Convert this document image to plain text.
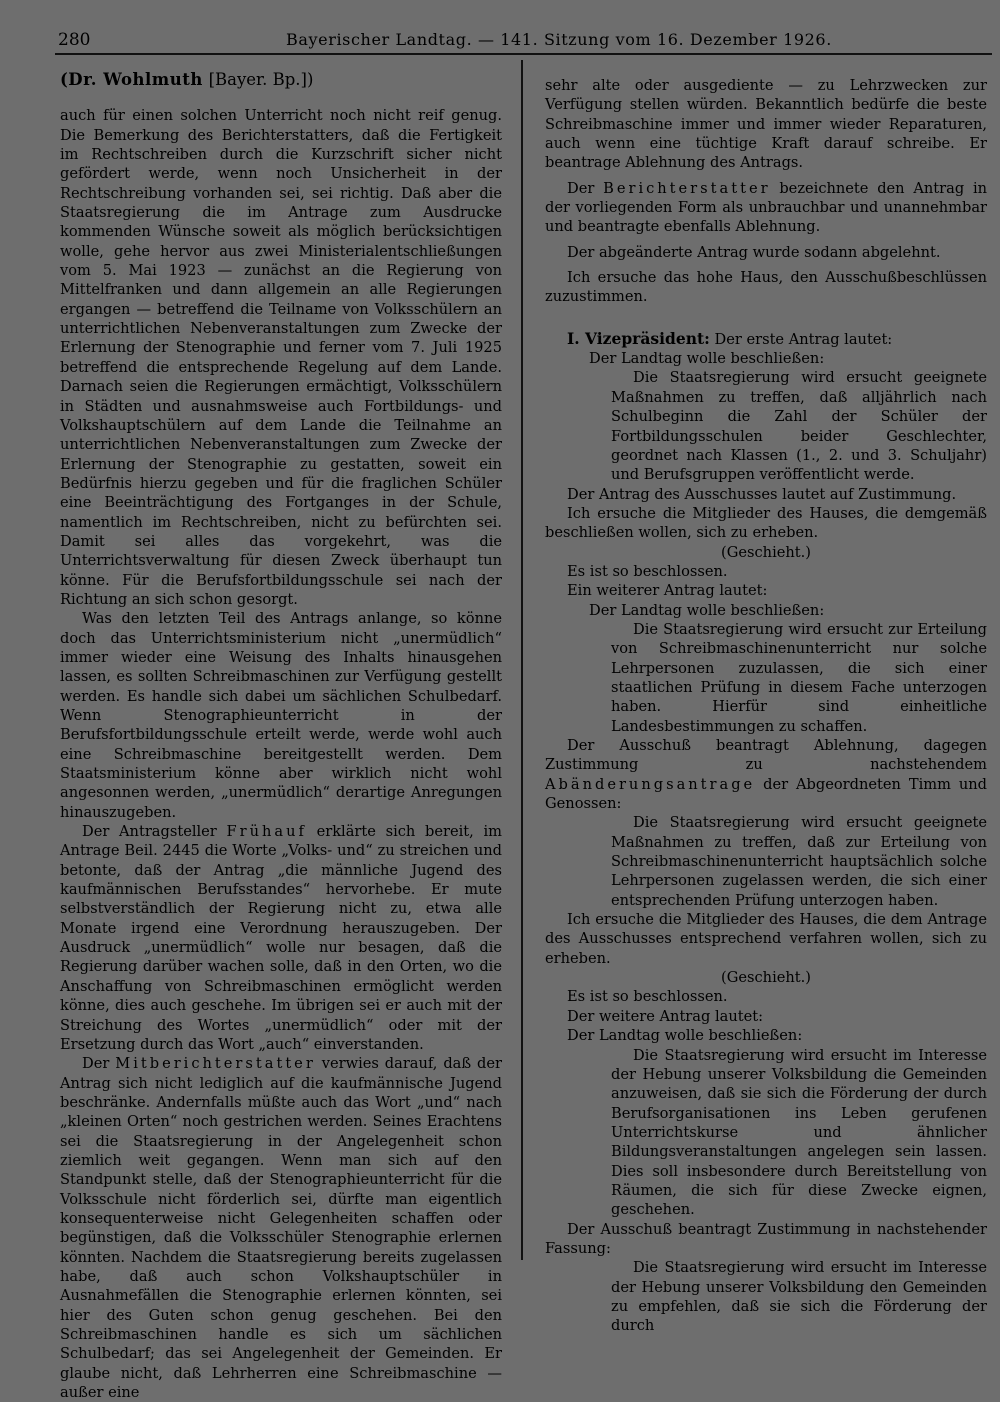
280	Bayerischer Landtag. — 141. Sitzung vom 16. Dezember 1926.

(Dr. Wohlmuth [Bayer. Bp.])

auch für einen solchen Unterricht noch nicht reif genug. Die Bemerkung des Berichterstatters, daß die Fertigkeit im Rechtschreiben durch die Kurzschrift sicher nicht gefördert werde, wenn noch Unsicherheit in der Rechtschreibung vorhanden sei, sei richtig. Daß aber die Staatsregierung die im Antrage zum Ausdrucke kommenden Wünsche soweit als möglich berücksichtigen wolle, gehe hervor aus zwei Ministerialentschließungen vom 5. Mai 1923 — zunächst an die Regierung von Mittelfranken und dann allgemein an alle Regierungen ergangen — betreffend die Teilname von Volksschülern an unterrichtlichen Nebenveranstaltungen zum Zwecke der Erlernung der Stenographie und ferner vom 7. Juli 1925 betreffend die entsprechende Regelung auf dem Lande. Darnach seien die Regierungen ermächtigt, Volksschülern in Städten und ausnahmsweise auch Fortbildungs- und Volkshauptschülern auf dem Lande die Teilnahme an unterrichtlichen Nebenveranstaltungen zum Zwecke der Erlernung der Stenographie zu gestatten, soweit ein Bedürfnis hierzu gegeben und für die fraglichen Schüler eine Beeinträchtigung des Fortganges in der Schule, namentlich im Rechtschreiben, nicht zu befürchten sei. Damit sei alles das vorgekehrt, was die Unterrichtsverwaltung für diesen Zweck überhaupt tun könne. Für die Berufsfortbildungsschule sei nach der Richtung an sich schon gesorgt.

Was den letzten Teil des Antrags anlange, so könne doch das Unterrichtsministerium nicht „unermüdlich“ immer wieder eine Weisung des Inhalts hinausgehen lassen, es sollten Schreibmaschinen zur Verfügung gestellt werden. Es handle sich dabei um sächlichen Schulbedarf. Wenn Stenographieunterricht in der Berufsfortbildungsschule erteilt werde, werde wohl auch eine Schreibmaschine bereitgestellt werden. Dem Staatsministerium könne aber wirklich nicht wohl angesonnen werden, „unermüdlich“ derartige Anregungen hinauszugeben.

Der Antragsteller Frühauf erklärte sich bereit, im Antrage Beil. 2445 die Worte „Volks- und“ zu streichen und betonte, daß der Antrag „die männliche Jugend des kaufmännischen Berufsstandes“ hervorhebe. Er mute selbstverständlich der Regierung nicht zu, etwa alle Monate irgend eine Verordnung herauszugeben. Der Ausdruck „unermüdlich“ wolle nur besagen, daß die Regierung darüber wachen solle, daß in den Orten, wo die Anschaffung von Schreibmaschinen ermöglicht werden könne, dies auch geschehe. Im übrigen sei er auch mit der Streichung des Wortes „unermüdlich“ oder mit der Ersetzung durch das Wort „auch“ einverstanden.

Der Mitberichterstatter verwies darauf, daß der Antrag sich nicht lediglich auf die kaufmännische Jugend beschränke. Andernfalls müßte auch das Wort „und“ nach „kleinen Orten“ noch gestrichen werden. Seines Erachtens sei die Staatsregierung in der Angelegenheit schon ziemlich weit gegangen. Wenn man sich auf den Standpunkt stelle, daß der Stenographieunterricht für die Volksschule nicht förderlich sei, dürfte man eigentlich konsequenterweise nicht Gelegenheiten schaffen oder begünstigen, daß die Volksschüler Stenographie erlernen könnten. Nachdem die Staatsregierung bereits zugelassen habe, daß auch schon Volkshauptschüler in Ausnahmefällen die Stenographie erlernen könnten, sei hier des Guten schon genug geschehen. Bei den Schreibmaschinen handle es sich um sächlichen Schulbedarf; das sei Angelegenheit der Gemeinden. Er glaube nicht, daß Lehrherren eine Schreibmaschine — außer eine

sehr alte oder ausgediente — zu Lehrzwecken zur Verfügung stellen würden. Bekanntlich bedürfe die beste Schreibmaschine immer und immer wieder Reparaturen, auch wenn eine tüchtige Kraft darauf schreibe. Er beantrage Ablehnung des Antrags.

Der Berichterstatter bezeichnete den Antrag in der vorliegenden Form als unbrauchbar und unannehmbar und beantragte ebenfalls Ablehnung.

Der abgeänderte Antrag wurde sodann abgelehnt.

Ich ersuche das hohe Haus, den Ausschußbeschlüssen zuzustimmen.

I. Vizepräsident: Der erste Antrag lautet:

Der Landtag wolle beschließen:

Die Staatsregierung wird ersucht geeignete Maßnahmen zu treffen, daß alljährlich nach Schulbeginn die Zahl der Schüler der Fortbildungsschulen beider Geschlechter, geordnet nach Klassen (1., 2. und 3. Schuljahr) und Berufsgruppen veröffentlicht werde.

Der Antrag des Ausschusses lautet auf Zustimmung.

Ich ersuche die Mitglieder des Hauses, die demgemäß beschließen wollen, sich zu erheben.

(Geschieht.)

Es ist so beschlossen.

Ein weiterer Antrag lautet:

Der Landtag wolle beschließen:

Die Staatsregierung wird ersucht zur Erteilung von Schreibmaschinenunterricht nur solche Lehrpersonen zuzulassen, die sich einer staatlichen Prüfung in diesem Fache unterzogen haben. Hierfür sind einheitliche Landesbestimmungen zu schaffen.

Der Ausschuß beantragt Ablehnung, dagegen Zustimmung zu nachstehendem Abänderungsantrage der Abgeordneten Timm und Genossen:

Die Staatsregierung wird ersucht geeignete Maßnahmen zu treffen, daß zur Erteilung von Schreibmaschinenunterricht hauptsächlich solche Lehrpersonen zugelassen werden, die sich einer entsprechenden Prüfung unterzogen haben.

Ich ersuche die Mitglieder des Hauses, die dem Antrage des Ausschusses entsprechend verfahren wollen, sich zu erheben.

(Geschieht.)

Es ist so beschlossen.

Der weitere Antrag lautet:

Der Landtag wolle beschließen:

Die Staatsregierung wird ersucht im Interesse der Hebung unserer Volksbildung die Gemeinden anzuweisen, daß sie sich die Förderung der durch Berufsorganisationen ins Leben gerufenen Unterrichtskurse und ähnlicher Bildungsveranstaltungen angelegen sein lassen. Dies soll insbesondere durch Bereitstellung von Räumen, die sich für diese Zwecke eignen, geschehen.

Der Ausschuß beantragt Zustimmung in nachstehender Fassung:

Die Staatsregierung wird ersucht im Interesse der Hebung unserer Volksbildung den Gemeinden zu empfehlen, daß sie sich die Förderung der durch
